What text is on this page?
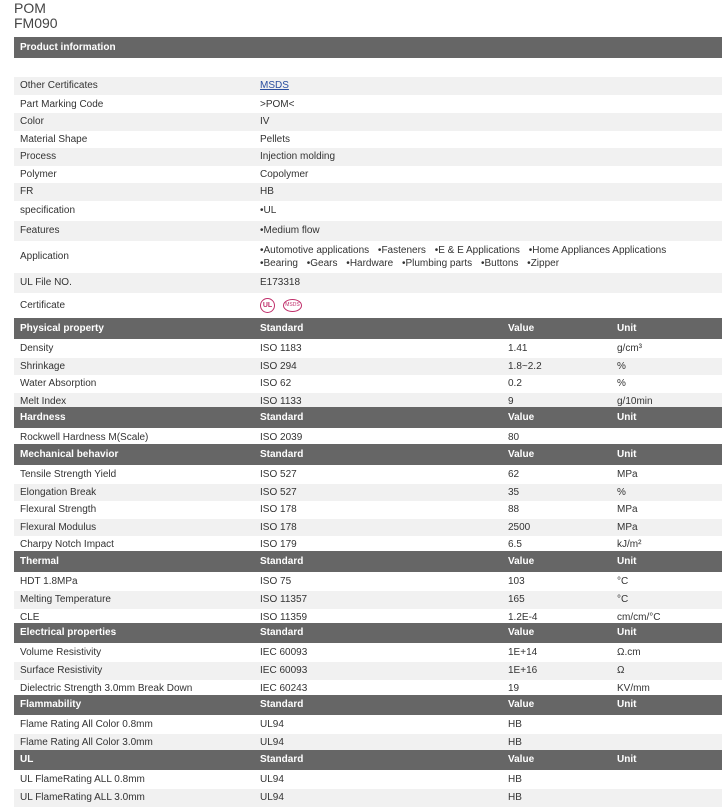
POM
FM090
Product information
Other Certificates	MSDS
Part Marking Code	>POM<
Color	IV
Material Shape	Pellets
Process	Injection molding
Polymer	Copolymer
FR	HB
specification	• UL
Features	• Medium flow
Application
• Automotive applications • Fasteners • E & E Applications • Home Appliances Applications
• Bearing • Gears • Hardware • Plumbing parts • Buttons • Zipper
UL File NO.	E173318
Certificate	UL	MSDS
Physical property	Standard	Value	Unit
Density	ISO 1183	1.41	g/cm³
Shrinkage	ISO 294	1.8~2.2	%
Water Absorption	ISO 62	0.2	%
Melt Index	ISO 1133	9	g/10min
Hardness	Standard	Value	Unit
Rockwell Hardness M(Scale)	ISO 2039	80
Mechanical behavior	Standard	Value	Unit
Tensile Strength Yield	ISO 527	62	MPa
Elongation Break	ISO 527	35	%
Flexural Strength	ISO 178	88	MPa
Flexural Modulus	ISO 178	2500	MPa
Charpy Notch Impact	ISO 179	6.5	kJ/m²
Thermal	Standard	Value	Unit
HDT 1.8MPa	ISO 75	103	°C
Melting Temperature	ISO 11357	165	°C
CLE	ISO 11359	1.2E-4	cm/cm/°C
Electrical properties	Standard	Value	Unit
Volume Resistivity	IEC 60093	1E+14	Ω.cm
Surface Resistivity	IEC 60093	1E+16	Ω
Dielectric Strength 3.0mm Break Down	IEC 60243	19	KV/mm
Flammability	Standard	Value	Unit
Flame Rating All Color 0.8mm	UL94	HB
Flame Rating All Color 3.0mm	UL94	HB
UL	Standard	Value	Unit
UL FlameRating ALL 0.8mm	UL94	HB
UL FlameRating ALL 3.0mm	UL94	HB
